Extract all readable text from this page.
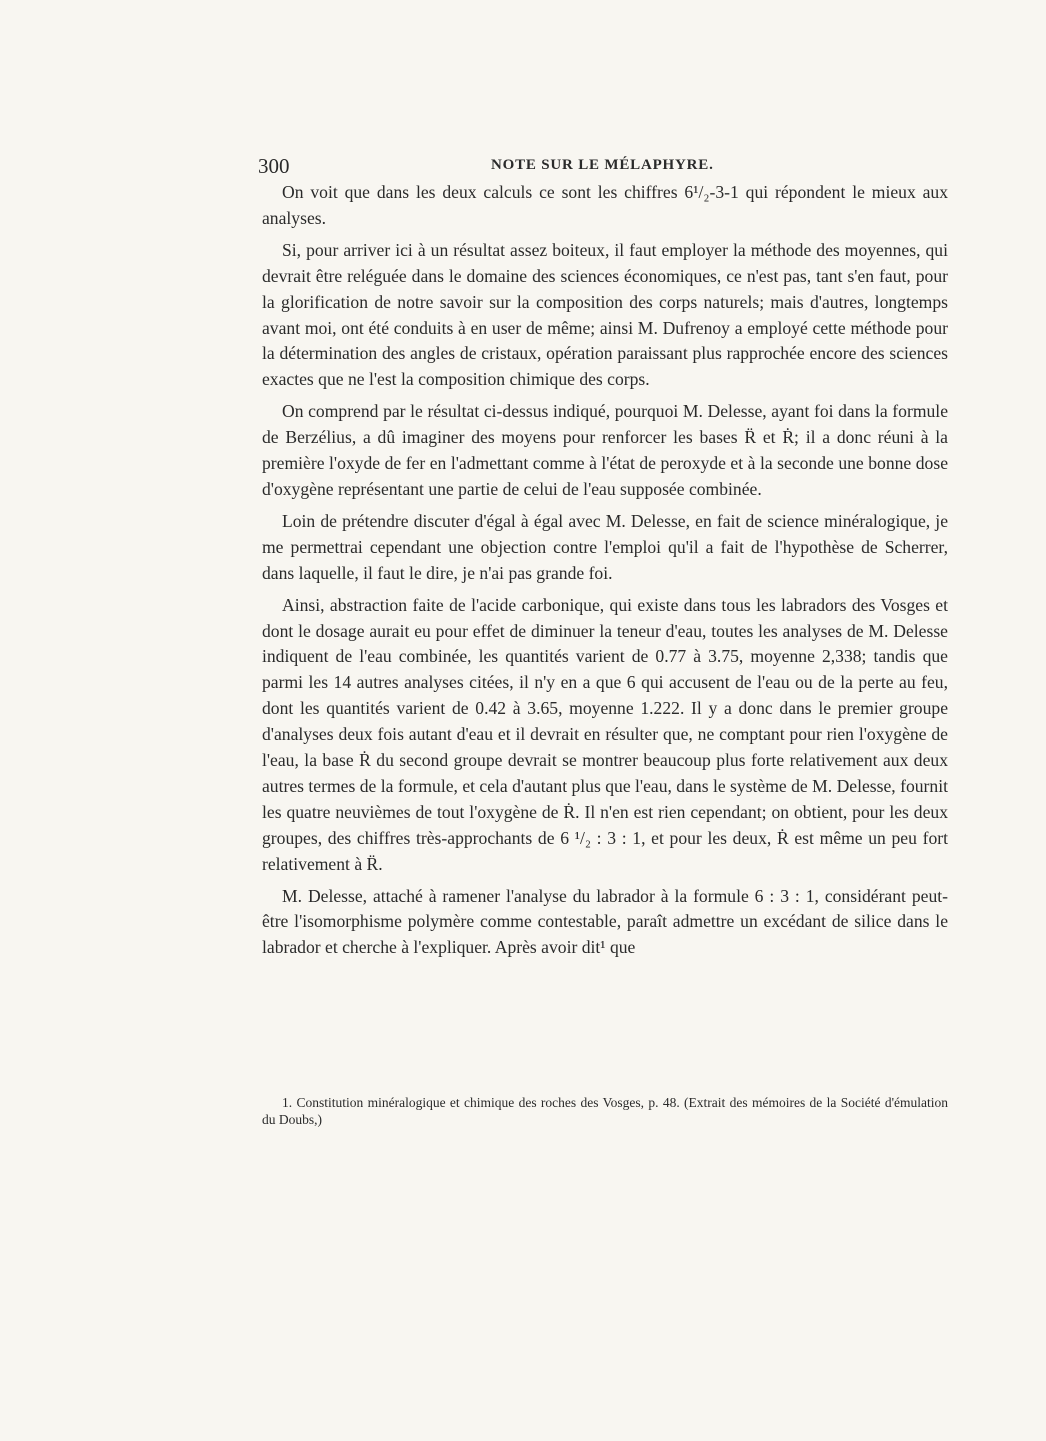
300	NOTE SUR LE MÉLAPHYRE.

On voit que dans les deux calculs ce sont les chiffres 6¹/₂-3-1 qui répondent le mieux aux analyses.

Si, pour arriver ici à un résultat assez boiteux, il faut employer la méthode des moyennes, qui devrait être reléguée dans le domaine des sciences économiques, ce n'est pas, tant s'en faut, pour la glorification de notre savoir sur la composition des corps naturels; mais d'autres, longtemps avant moi, ont été conduits à en user de même; ainsi M. Dufrenoy a employé cette méthode pour la détermination des angles de cristaux, opération paraissant plus rapprochée encore des sciences exactes que ne l'est la composition chimique des corps.

On comprend par le résultat ci-dessus indiqué, pourquoi M. Delesse, ayant foi dans la formule de Berzélius, a dû imaginer des moyens pour renforcer les bases R̈ et Ṙ; il a donc réuni à la première l'oxyde de fer en l'admettant comme à l'état de peroxyde et à la seconde une bonne dose d'oxygène représentant une partie de celui de l'eau supposée combinée.

Loin de prétendre discuter d'égal à égal avec M. Delesse, en fait de science minéralogique, je me permettrai cependant une objection contre l'emploi qu'il a fait de l'hypothèse de Scherrer, dans laquelle, il faut le dire, je n'ai pas grande foi.

Ainsi, abstraction faite de l'acide carbonique, qui existe dans tous les labradors des Vosges et dont le dosage aurait eu pour effet de diminuer la teneur d'eau, toutes les analyses de M. Delesse indiquent de l'eau combinée, les quantités varient de 0.77 à 3.75, moyenne 2,338; tandis que parmi les 14 autres analyses citées, il n'y en a que 6 qui accusent de l'eau ou de la perte au feu, dont les quantités varient de 0.42 à 3.65, moyenne 1.222. Il y a donc dans le premier groupe d'analyses deux fois autant d'eau et il devrait en résulter que, ne comptant pour rien l'oxygène de l'eau, la base Ṙ du second groupe devrait se montrer beaucoup plus forte relativement aux deux autres termes de la formule, et cela d'autant plus que l'eau, dans le système de M. Delesse, fournit les quatre neuvièmes de tout l'oxygène de Ṙ. Il n'en est rien cependant; on obtient, pour les deux groupes, des chiffres très-approchants de 6 ¹/₂ : 3 : 1, et pour les deux, Ṙ est même un peu fort relativement à R̈.

M. Delesse, attaché à ramener l'analyse du labrador à la formule 6 : 3 : 1, considérant peut-être l'isomorphisme polymère comme contestable, paraît admettre un excédant de silice dans le labrador et cherche à l'expliquer. Après avoir dit¹ que

1. Constitution minéralogique et chimique des roches des Vosges, p. 48. (Extrait des mémoires de la Société d'émulation du Doubs,)
